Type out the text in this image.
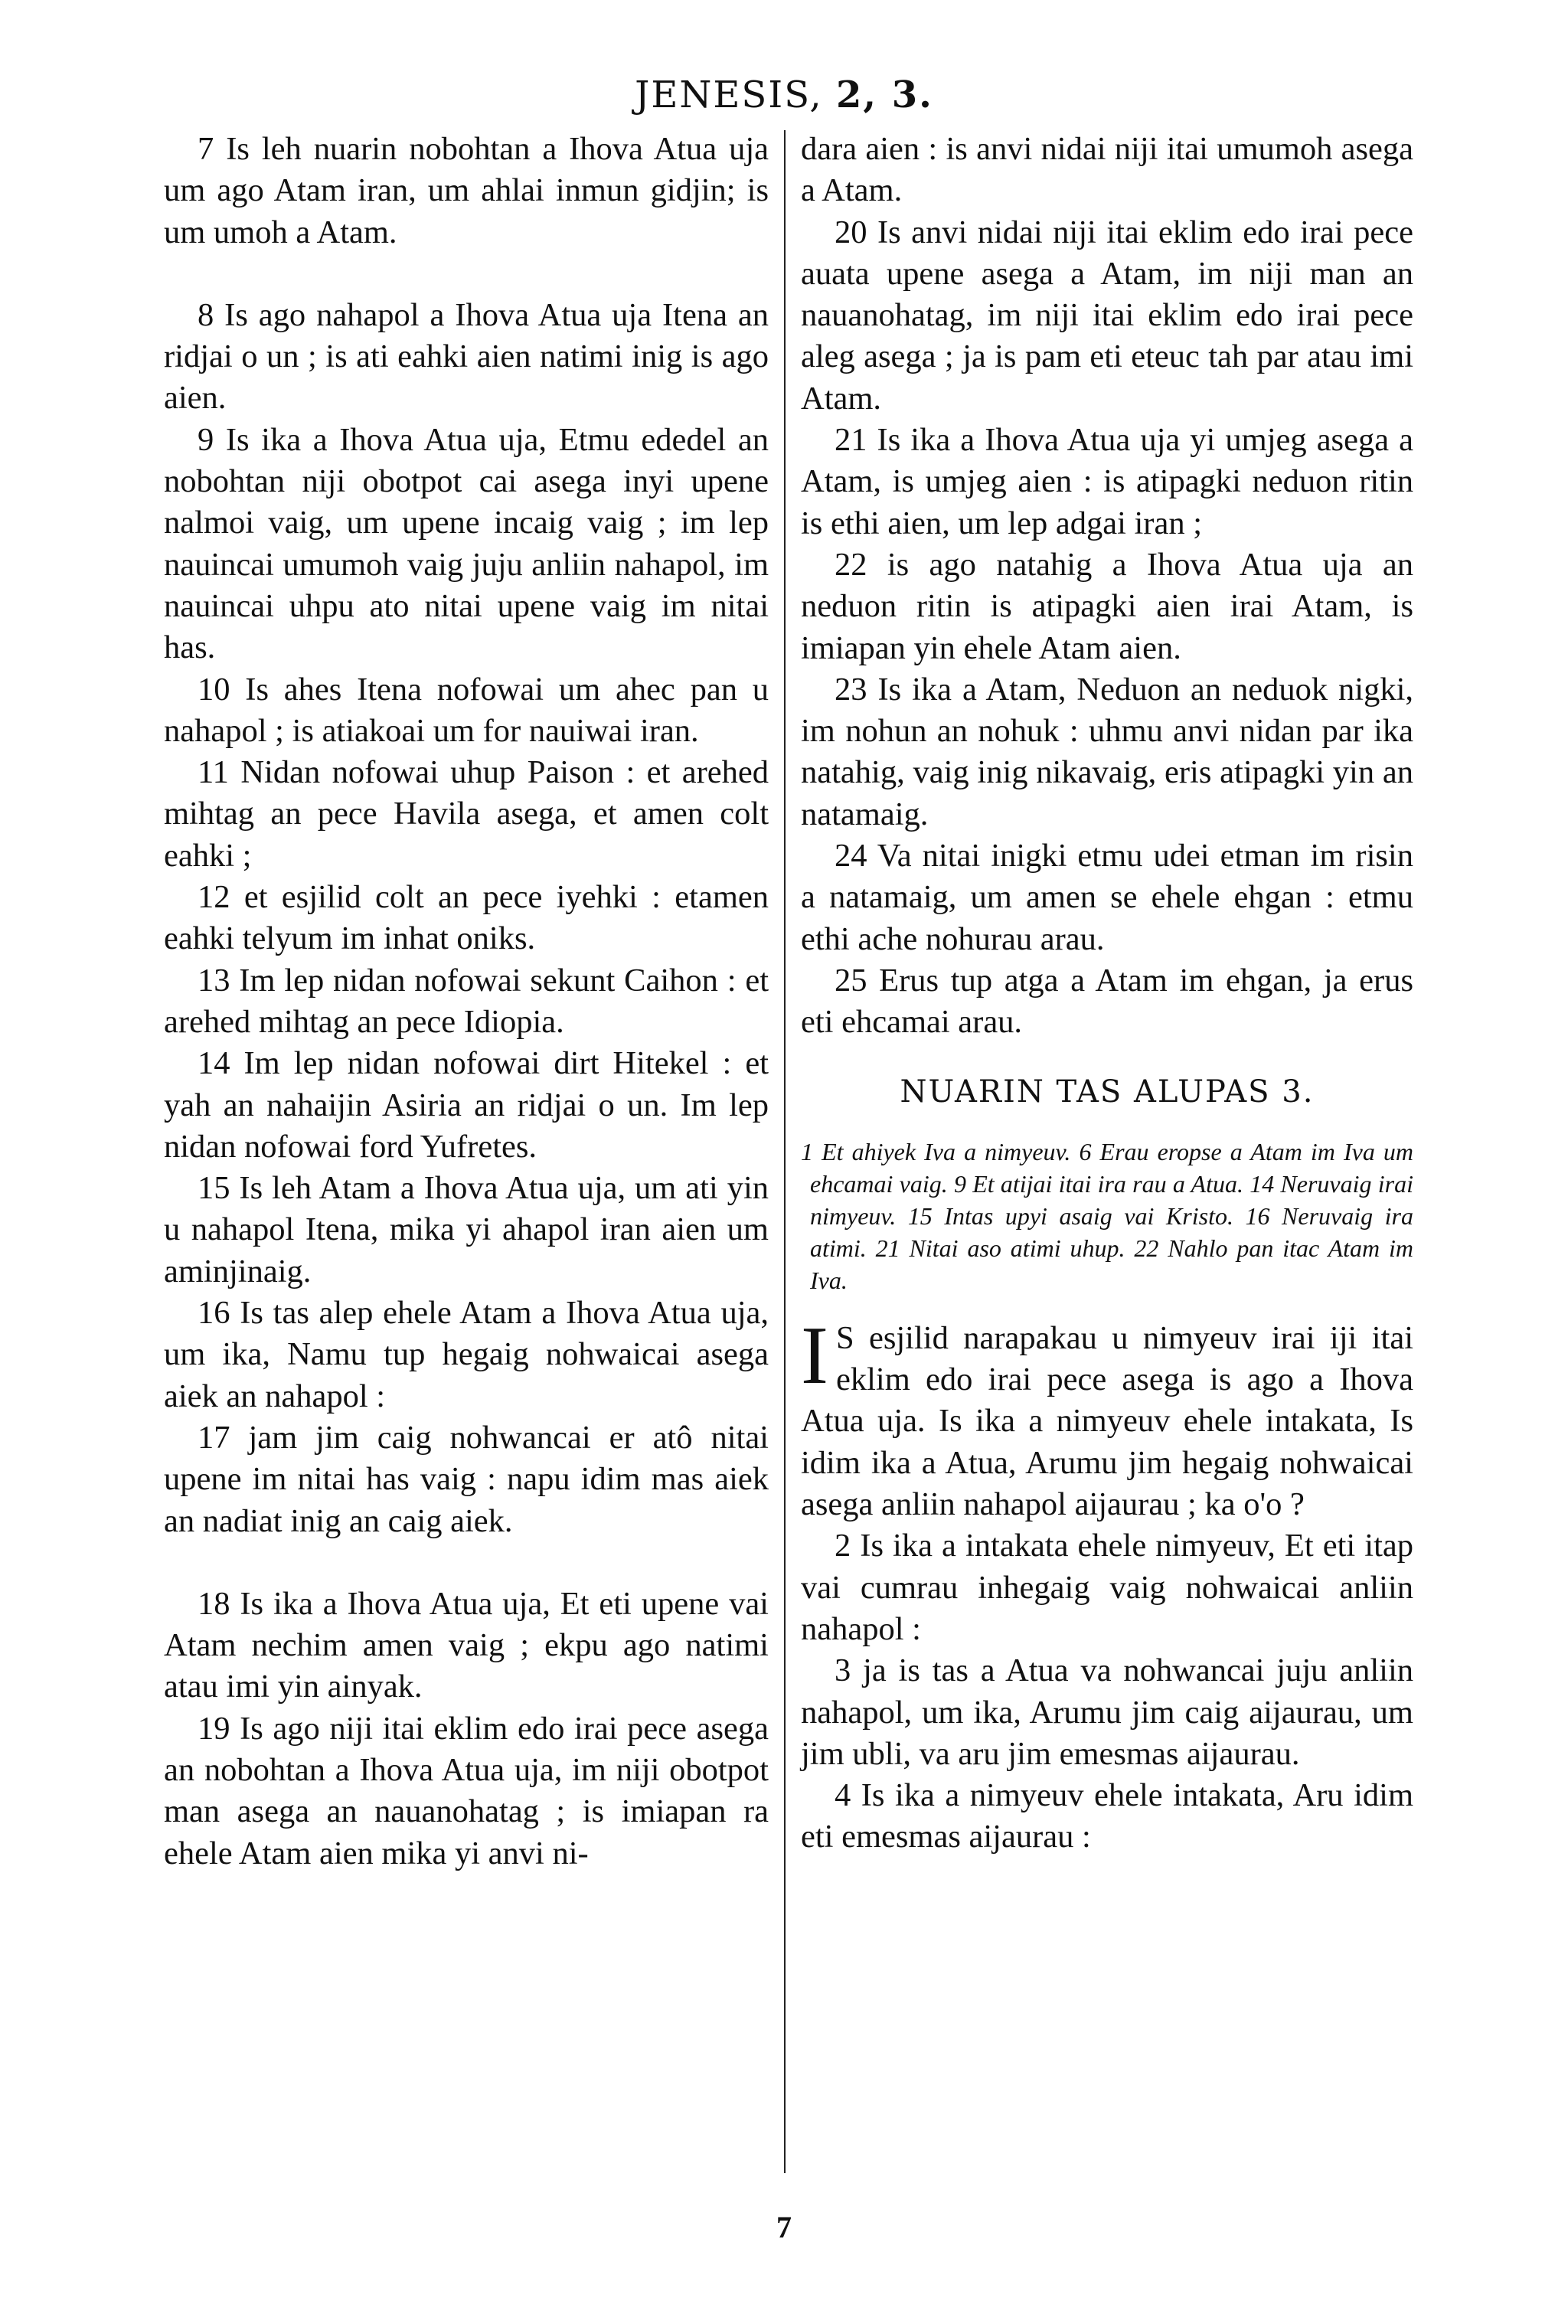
JENESIS, 2, 3.

7 Is leh nuarin nobohtan a Ihova Atua uja um ago Atam iran, um ahlai inmun gidjin; is um umoh a Atam.

8 Is ago nahapol a Ihova Atua uja Itena an ridjai o un ; is ati eahki aien natimi inig is ago aien.

9 Is ika a Ihova Atua uja, Etmu ededel an nobohtan niji obotpot cai asega inyi upene nalmoi vaig, um upene incaig vaig ; im lep nauincai umumoh vaig juju anliin nahapol, im nauincai uhpu ato nitai upene vaig im nitai has.

10 Is ahes Itena nofowai um ahec pan u nahapol ; is atiakoai um for nauiwai iran.

11 Nidan nofowai uhup Paison : et arehed mihtag an pece Havila asega, et amen colt eahki ;

12 et esjilid colt an pece iyehki : etamen eahki telyum im inhat oniks.

13 Im lep nidan nofowai sekunt Caihon : et arehed mihtag an pece Idiopia.

14 Im lep nidan nofowai dirt Hitekel : et yah an nahaijin Asiria an ridjai o un. Im lep nidan nofowai ford Yufretes.

15 Is leh Atam a Ihova Atua uja, um ati yin u nahapol Itena, mika yi ahapol iran aien um aminjinaig.

16 Is tas alep ehele Atam a Ihova Atua uja, um ika, Namu tup hegaig nohwaicai asega aiek an nahapol :

17 jam jim caig nohwancai er atô nitai upene im nitai has vaig : napu idim mas aiek an nadiat inig an caig aiek.

18 Is ika a Ihova Atua uja, Et eti upene vai Atam nechim amen vaig ; ekpu ago natimi atau imi yin ainyak.

19 Is ago niji itai eklim edo irai pece asega an nobohtan a Ihova Atua uja, im niji obotpot man asega an nauanohatag ; is imiapan ra ehele Atam aien mika yi anvi ni-

dara aien : is anvi nidai niji itai umumoh asega a Atam.

20 Is anvi nidai niji itai eklim edo irai pece auata upene asega a Atam, im niji man an nauanohatag, im niji itai eklim edo irai pece aleg asega ; ja is pam eti eteuc tah par atau imi Atam.

21 Is ika a Ihova Atua uja yi umjeg asega a Atam, is umjeg aien : is atipagki neduon ritin is ethi aien, um lep adgai iran ;

22 is ago natahig a Ihova Atua uja an neduon ritin is atipagki aien irai Atam, is imiapan yin ehele Atam aien.

23 Is ika a Atam, Neduon an neduok nigki, im nohun an nohuk : uhmu anvi nidan par ika natahig, vaig inig nikavaig, eris atipagki yin an natamaig.

24 Va nitai inigki etmu udei etman im risin a natamaig, um amen se ehele ehgan : etmu ethi ache nohurau arau.

25 Erus tup atga a Atam im ehgan, ja erus eti ehcamai arau.

NUARIN TAS ALUPAS 3.

1 Et ahiyek Iva a nimyeuv. 6 Erau eropse a Atam im Iva um ehcamai vaig. 9 Et atijai itai ira rau a Atua. 14 Neruvaig irai nimyeuv. 15 Intas upyi asaig vai Kristo. 16 Neruvaig ira atimi. 21 Nitai aso atimi uhup. 22 Nahlo pan itac Atam im Iva.

I S esjilid narapakau u nimyeuv irai iji itai eklim edo irai pece asega is ago a Ihova Atua uja. Is ika a nimyeuv ehele intakata, Is idim ika a Atua, Arumu jim hegaig nohwaicai asega anliin nahapol aijaurau ; ka o'o ?

2 Is ika a intakata ehele nimyeuv, Et eti itap vai cumrau inhegaig vaig nohwaicai anliin nahapol :

3 ja is tas a Atua va nohwancai juju anliin nahapol, um ika, Arumu jim caig aijaurau, um jim ubli, va aru jim emesmas aijaurau.

4 Is ika a nimyeuv ehele intakata, Aru idim eti emesmas aijaurau :

7
